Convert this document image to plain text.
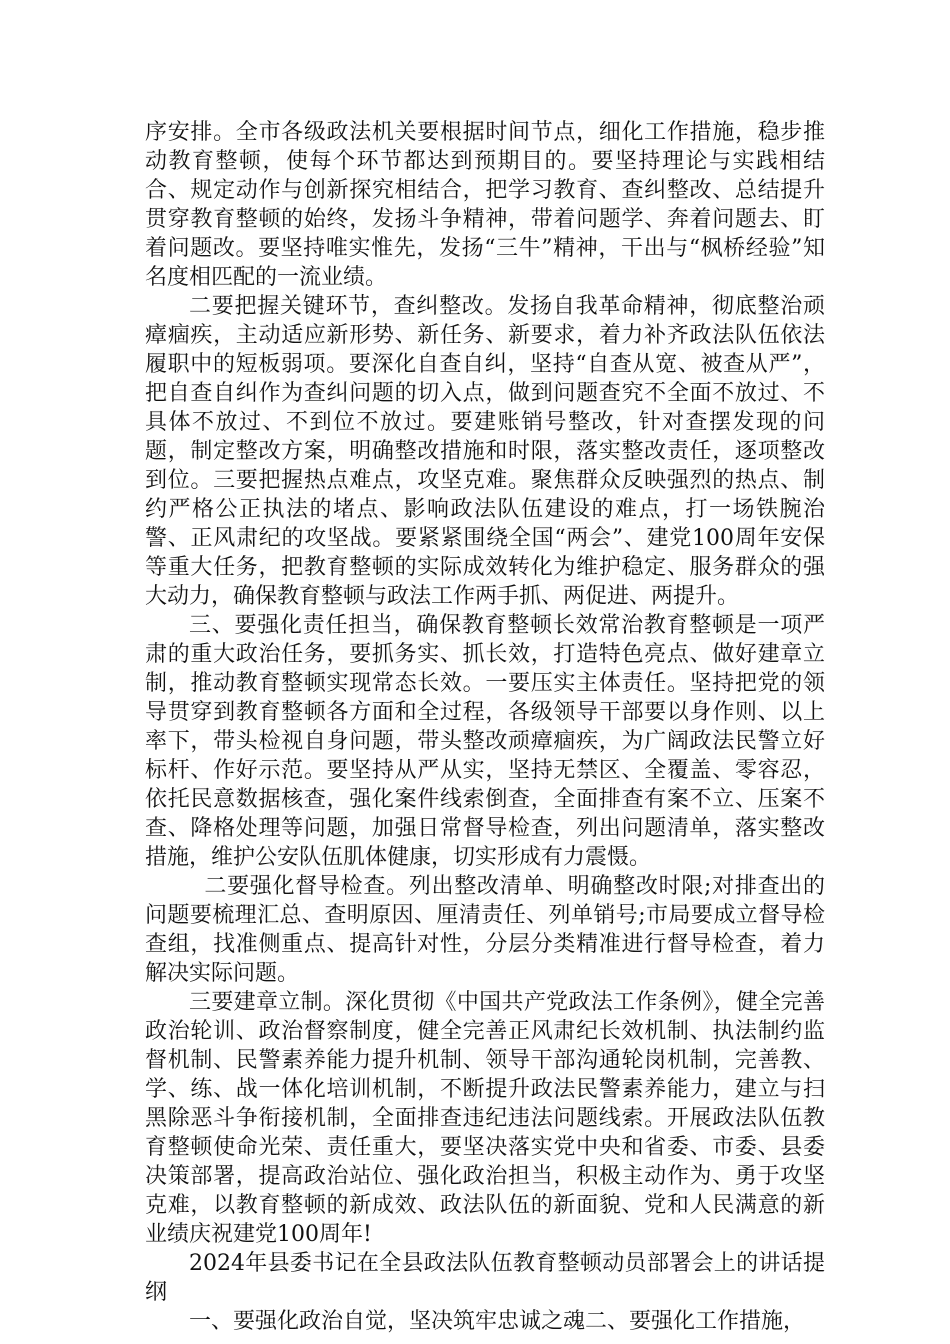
序安排。全市各级政法机关要根据时间节点，细化工作措施，稳步推动教育整顿，使每个环节都达到预期目的。要坚持理论与实践相结合、规定动作与创新探究相结合，把学习教育、查纠整改、总结提升贯穿教育整顿的始终，发扬斗争精神，带着问题学、奔着问题去、盯着问题改。要坚持唯实惟先，发扬“三牛”精神，干出与“枫桥经验”知名度相匹配的一流业绩。

二要把握关键环节，查纠整改。发扬自我革命精神，彻底整治顽瘴痼疾，主动适应新形势、新任务、新要求，着力补齐政法队伍依法履职中的短板弱项。要深化自查自纠，坚持“自查从宽、被查从严”，把自查自纠作为查纠问题的切入点，做到问题查究不全面不放过、不具体不放过、不到位不放过。要建账销号整改，针对查摆发现的问题，制定整改方案，明确整改措施和时限，落实整改责任，逐项整改到位。三要把握热点难点，攻坚克难。聚焦群众反映强烈的热点、制约严格公正执法的堵点、影响政法队伍建设的难点，打一场铁腕治警、正风肃纪的攻坚战。要紧紧围绕全国“两会”、建党100周年安保等重大任务，把教育整顿的实际成效转化为维护稳定、服务群众的强大动力，确保教育整顿与政法工作两手抓、两促进、两提升。

三、要强化责任担当，确保教育整顿长效常治教育整顿是一项严肃的重大政治任务，要抓务实、抓长效，打造特色亮点、做好建章立制，推动教育整顿实现常态长效。一要压实主体责任。坚持把党的领导贯穿到教育整顿各方面和全过程，各级领导干部要以身作则、以上率下，带头检视自身问题，带头整改顽瘴痼疾，为广阔政法民警立好标杆、作好示范。要坚持从严从实，坚持无禁区、全覆盖、零容忍，依托民意数据核查，强化案件线索倒查，全面排查有案不立、压案不查、降格处理等问题，加强日常督导检查，列出问题清单，落实整改措施，维护公安队伍肌体健康，切实形成有力震慑。

二要强化督导检查。列出整改清单、明确整改时限;对排查出的问题要梳理汇总、查明原因、厘清责任、列单销号;市局要成立督导检查组，找准侧重点、提高针对性，分层分类精准进行督导检查，着力解决实际问题。

三要建章立制。深化贯彻《中国共产党政法工作条例》，健全完善政治轮训、政治督察制度，健全完善正风肃纪长效机制、执法制约监督机制、民警素养能力提升机制、领导干部沟通轮岗机制，完善教、学、练、战一体化培训机制，不断提升政法民警素养能力，建立与扫黑除恶斗争衔接机制，全面排查违纪违法问题线索。开展政法队伍教育整顿使命光荣、责任重大，要坚决落实党中央和省委、市委、县委决策部署，提高政治站位、强化政治担当，积极主动作为、勇于攻坚克难，以教育整顿的新成效、政法队伍的新面貌、党和人民满意的新业绩庆祝建党100周年!

2024年县委书记在全县政法队伍教育整顿动员部署会上的讲话提纲

一、要强化政治自觉，坚决筑牢忠诚之魂二、要强化工作措施，
